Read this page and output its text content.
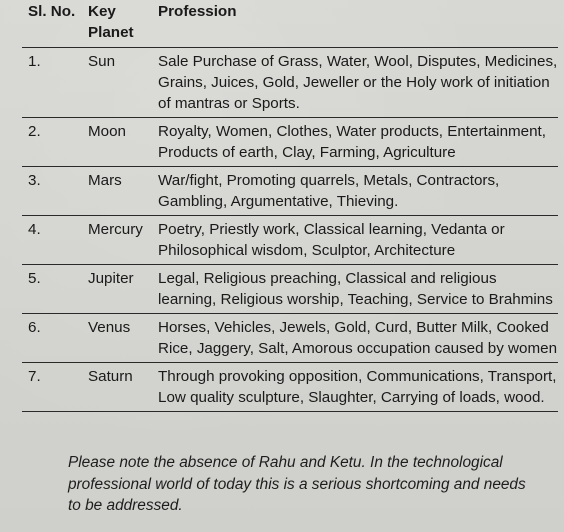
Sl. No.	Key Planet	Profession
1.	Sun	Sale Purchase of Grass, Water, Wool, Disputes, Medicines, Grains, Juices, Gold, Jeweller or the Holy work of initiation of mantras or Sports.
2.	Moon	Royalty, Women, Clothes, Water products, Entertainment, Products of earth, Clay, Farming, Agriculture
3.	Mars	War/fight, Promoting quarrels, Metals, Contractors, Gambling, Argumentative, Thieving.
4.	Mercury	Poetry, Priestly work, Classical learning, Vedanta or Philosophical wisdom, Sculptor, Architecture
5.	Jupiter	Legal, Religious preaching, Classical and religious learning, Religious worship, Teaching, Service to Brahmins
6.	Venus	Horses, Vehicles, Jewels, Gold, Curd, Butter Milk, Cooked Rice, Jaggery, Salt, Amorous occupation caused by women
7.	Saturn	Through provoking opposition, Communications, Transport, Low quality sculpture, Slaughter, Carrying of loads, wood.
Please note the absence of Rahu and Ketu. In the technological professional world of today this is a serious shortcoming and needs to be addressed.
